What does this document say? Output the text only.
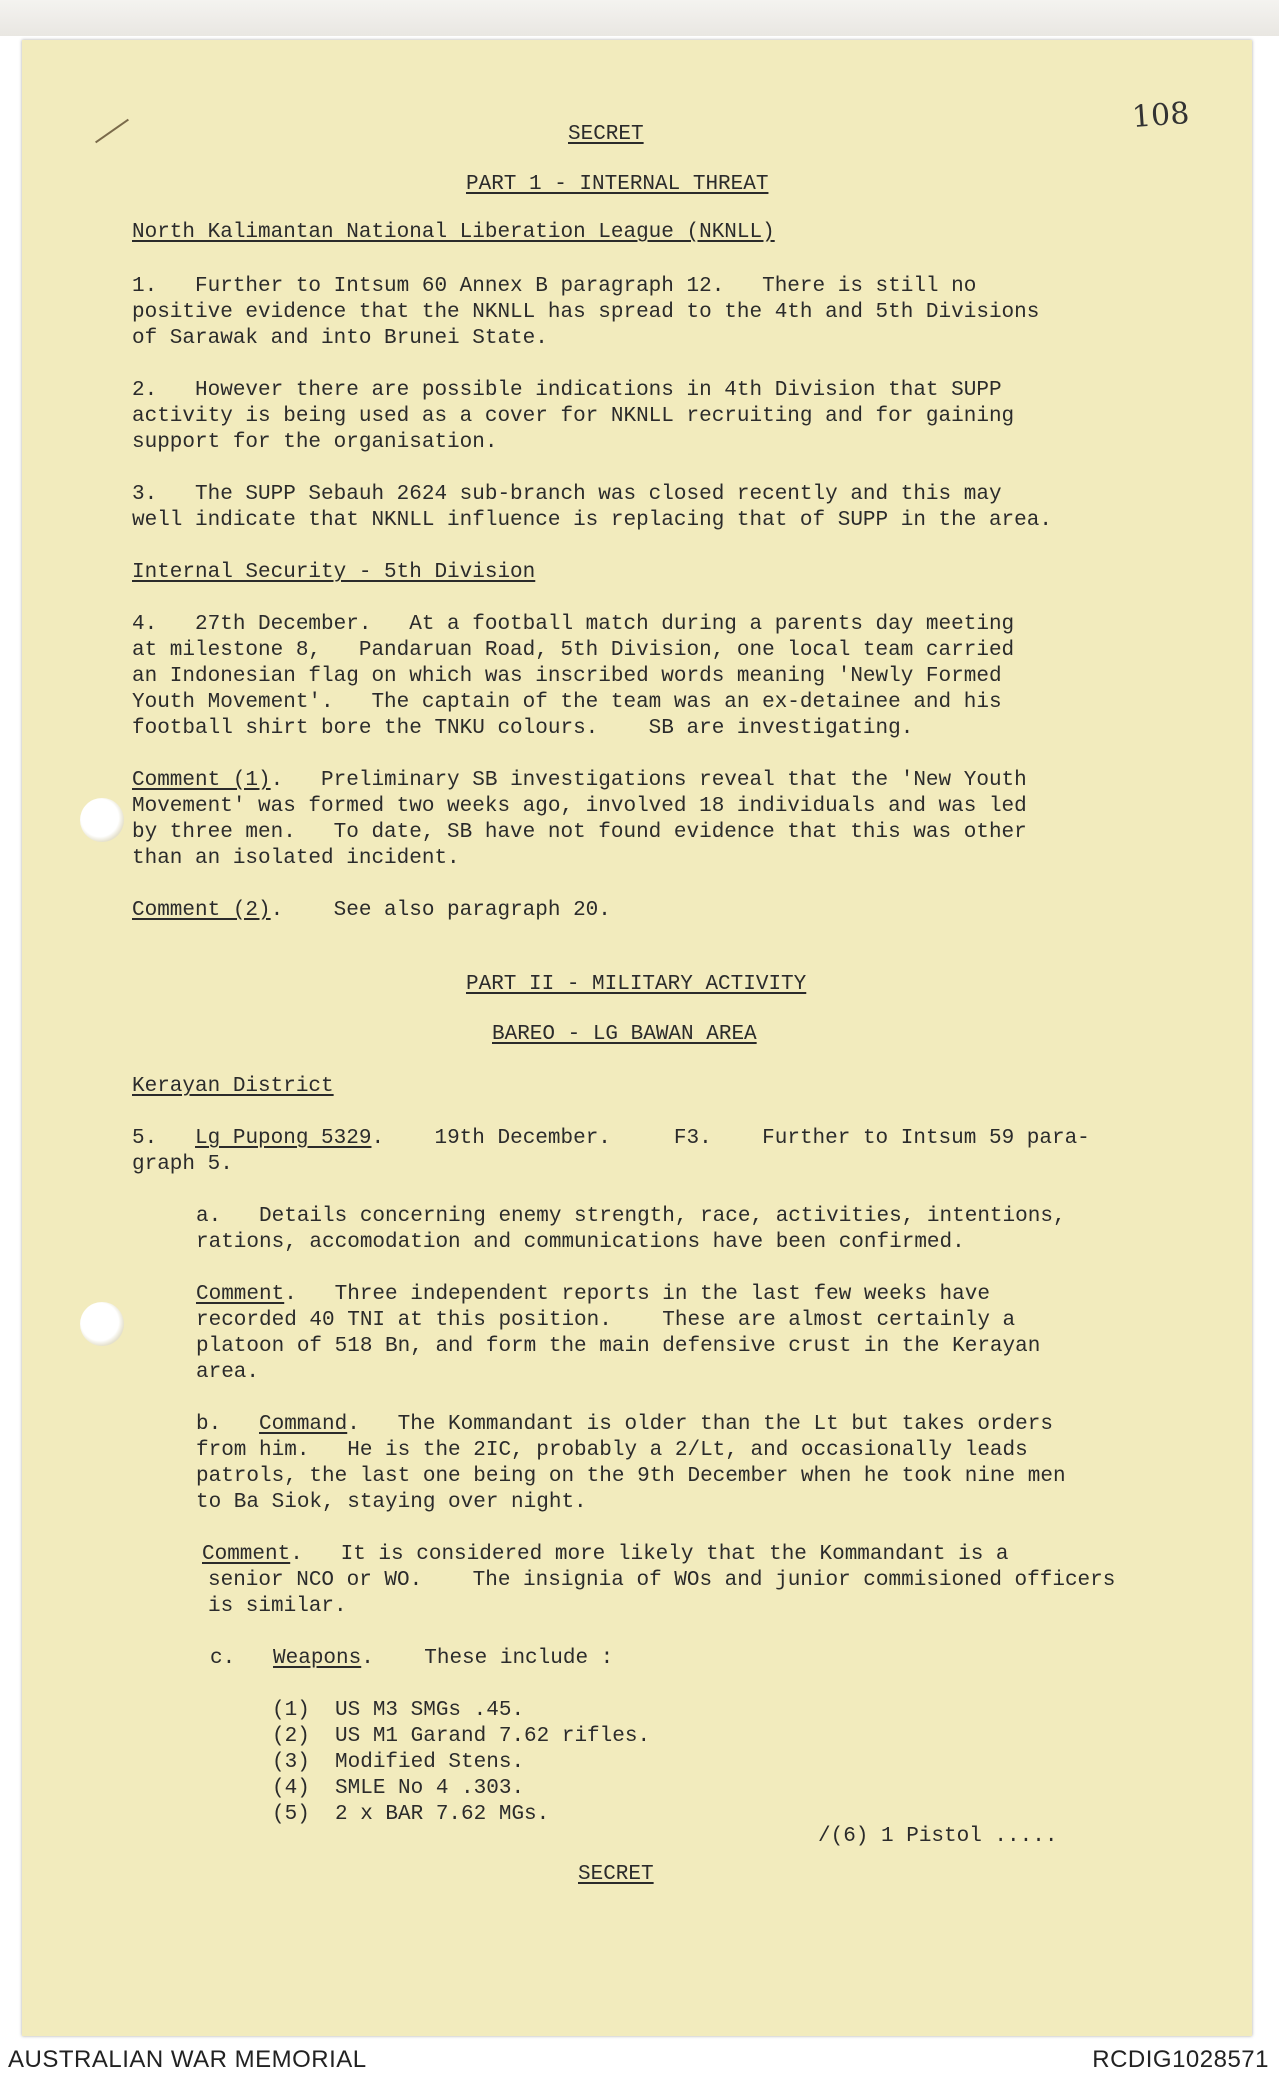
108
SECRET
PART 1 - INTERNAL THREAT
North Kalimantan National Liberation League (NKNLL)
1.   Further to Intsum 60 Annex B paragraph 12.   There is still no
positive evidence that the NKNLL has spread to the 4th and 5th Divisions
of Sarawak and into Brunei State.
2.   However there are possible indications in 4th Division that SUPP
activity is being used as a cover for NKNLL recruiting and for gaining
support for the organisation.
3.   The SUPP Sebauh 2624 sub-branch was closed recently and this may
well indicate that NKNLL influence is replacing that of SUPP in the area.
Internal Security - 5th Division
4.   27th December.   At a football match during a parents day meeting
at milestone 8,   Pandaruan Road, 5th Division, one local team carried
an Indonesian flag on which was inscribed words meaning 'Newly Formed
Youth Movement'.   The captain of the team was an ex-detainee and his
football shirt bore the TNKU colours.    SB are investigating.
Comment (1).   Preliminary SB investigations reveal that the 'New Youth
Movement' was formed two weeks ago, involved 18 individuals and was led
by three men.   To date, SB have not found evidence that this was other
than an isolated incident.
Comment (2).    See also paragraph 20.
PART II - MILITARY ACTIVITY
BAREO - LG BAWAN AREA
Kerayan District
5. Lg Pupong 5329.    19th December.     F3.    Further to Intsum 59 para-
graph 5.
a.   Details concerning enemy strength, race, activities, intentions,
rations, accomodation and communications have been confirmed.
Comment.   Three independent reports in the last few weeks have
recorded 40 TNI at this position.    These are almost certainly a
platoon of 518 Bn, and form the main defensive crust in the Kerayan
area.
b.   Command.   The Kommandant is older than the Lt but takes orders
from him.   He is the 2IC, probably a 2/Lt, and occasionally leads
patrols, the last one being on the 9th December when he took nine men
to Ba Siok, staying over night.
Comment.   It is considered more likely that the Kommandant is a
senior NCO or WO.    The insignia of WOs and junior commisioned officers
is similar.
c.   Weapons.    These include :
(1)  US M3 SMGs .45.
(2)  US M1 Garand 7.62 rifles.
(3)  Modified Stens.
(4)  SMLE No 4 .303.
(5)  2 x BAR 7.62 MGs.
/(6) 1 Pistol .....
SECRET
AUSTRALIAN WAR MEMORIAL	RCDIG1028571
